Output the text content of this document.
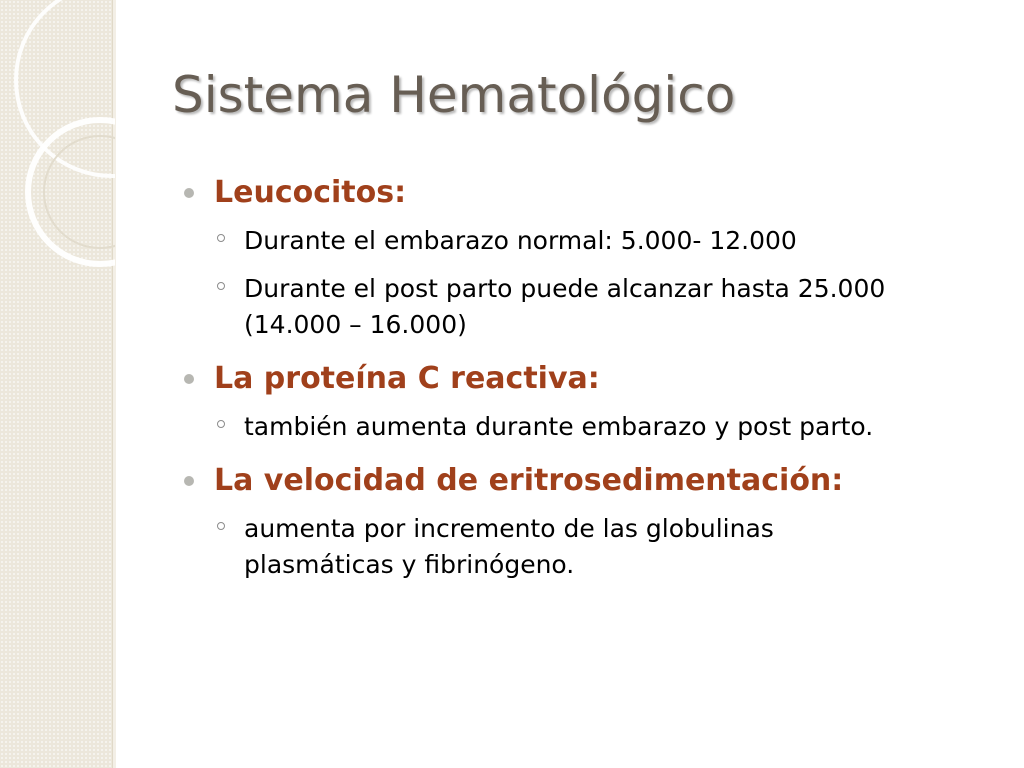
Sistema Hematológico
Leucocitos:
Durante el embarazo normal: 5.000- 12.000
Durante el post parto puede alcanzar hasta 25.000 (14.000 – 16.000)
La proteína C reactiva:
también aumenta durante embarazo y post parto.
La velocidad de eritrosedimentación:
aumenta por incremento de las globulinas plasmáticas y fibrinógeno.
